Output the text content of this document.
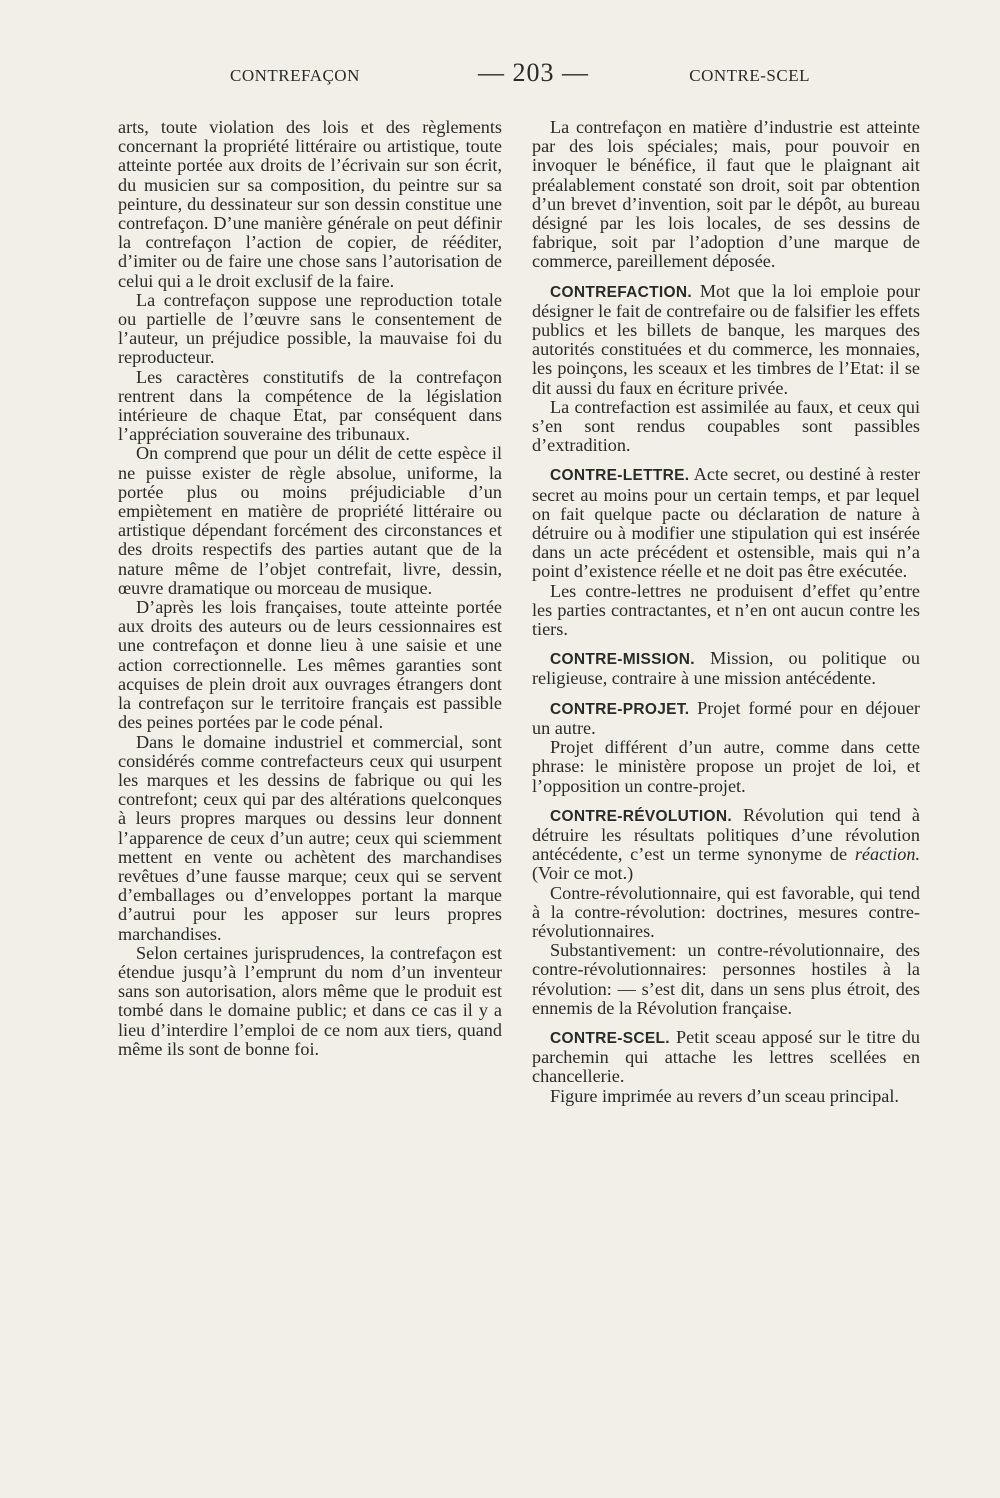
CONTREFAÇON	— 203 —	CONTRE-SCEL

arts, toute violation des lois et des règlements concernant la propriété littéraire ou artistique, toute atteinte portée aux droits de l’écrivain sur son écrit, du musicien sur sa composition, du peintre sur sa peinture, du dessinateur sur son dessin constitue une contrefaçon. D’une manière générale on peut définir la contrefaçon l’action de copier, de rééditer, d’imiter ou de faire une chose sans l’autorisation de celui qui a le droit exclusif de la faire.

La contrefaçon suppose une reproduction totale ou partielle de l’œuvre sans le consentement de l’auteur, un préjudice possible, la mauvaise foi du reproducteur.

Les caractères constitutifs de la contrefaçon rentrent dans la compétence de la législation intérieure de chaque Etat, par conséquent dans l’appréciation souveraine des tribunaux.

On comprend que pour un délit de cette espèce il ne puisse exister de règle absolue, uniforme, la portée plus ou moins préjudiciable d’un empiètement en matière de propriété littéraire ou artistique dépendant forcément des circonstances et des droits respectifs des parties autant que de la nature même de l’objet contrefait, livre, dessin, œuvre dramatique ou morceau de musique.

D’après les lois françaises, toute atteinte portée aux droits des auteurs ou de leurs cessionnaires est une contrefaçon et donne lieu à une saisie et une action correctionnelle. Les mêmes garanties sont acquises de plein droit aux ouvrages étrangers dont la contrefaçon sur le territoire français est passible des peines portées par le code pénal.

Dans le domaine industriel et commercial, sont considérés comme contrefacteurs ceux qui usurpent les marques et les dessins de fabrique ou qui les contrefont; ceux qui par des altérations quelconques à leurs propres marques ou dessins leur donnent l’apparence de ceux d’un autre; ceux qui sciemment mettent en vente ou achètent des marchandises revêtues d’une fausse marque; ceux qui se servent d’emballages ou d’enveloppes portant la marque d’autrui pour les apposer sur leurs propres marchandises.

Selon certaines jurisprudences, la contrefaçon est étendue jusqu’à l’emprunt du nom d’un inventeur sans son autorisation, alors même que le produit est tombé dans le domaine public; et dans ce cas il y a lieu d’interdire l’emploi de ce nom aux tiers, quand même ils sont de bonne foi.

La contrefaçon en matière d’industrie est atteinte par des lois spéciales; mais, pour pouvoir en invoquer le bénéfice, il faut que le plaignant ait préalablement constaté son droit, soit par obtention d’un brevet d’invention, soit par le dépôt, au bureau désigné par les lois locales, de ses dessins de fabrique, soit par l’adoption d’une marque de commerce, pareillement déposée.

CONTREFACTION. Mot que la loi emploie pour désigner le fait de contrefaire ou de falsifier les effets publics et les billets de banque, les marques des autorités constituées et du commerce, les monnaies, les poinçons, les sceaux et les timbres de l’Etat: il se dit aussi du faux en écriture privée.

La contrefaction est assimilée au faux, et ceux qui s’en sont rendus coupables sont passibles d’extradition.

CONTRE-LETTRE. Acte secret, ou destiné à rester secret au moins pour un certain temps, et par lequel on fait quelque pacte ou déclaration de nature à détruire ou à modifier une stipulation qui est insérée dans un acte précédent et ostensible, mais qui n’a point d’existence réelle et ne doit pas être exécutée.

Les contre-lettres ne produisent d’effet qu’entre les parties contractantes, et n’en ont aucun contre les tiers.

CONTRE-MISSION. Mission, ou politique ou religieuse, contraire à une mission antécédente.

CONTRE-PROJET. Projet formé pour en déjouer un autre.

Projet différent d’un autre, comme dans cette phrase: le ministère propose un projet de loi, et l’opposition un contre-projet.

CONTRE-RÉVOLUTION. Révolution qui tend à détruire les résultats politiques d’une révolution antécédente, c’est un terme synonyme de réaction. (Voir ce mot.)

Contre-révolutionnaire, qui est favorable, qui tend à la contre-révolution: doctrines, mesures contre-révolutionnaires.

Substantivement: un contre-révolutionnaire, des contre-révolutionnaires: personnes hostiles à la révolution: — s’est dit, dans un sens plus étroit, des ennemis de la Révolution française.

CONTRE-SCEL. Petit sceau apposé sur le titre du parchemin qui attache les lettres scellées en chancellerie.

Figure imprimée au revers d’un sceau principal.
